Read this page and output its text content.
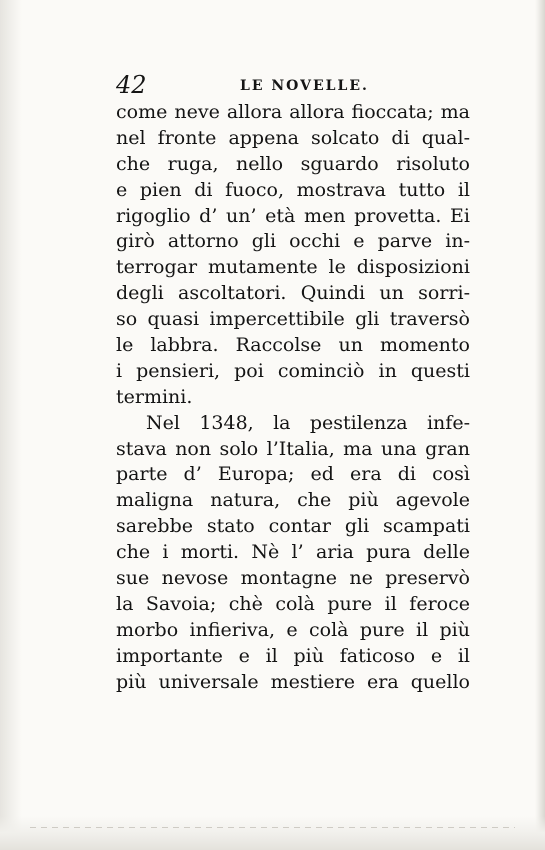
42	LE NOVELLE.
come neve allora allora fioccata; ma
nel fronte appena solcato di qual-
che ruga, nello sguardo risoluto
e pien di fuoco, mostrava tutto il
rigoglio d’ un’ età men provetta. Ei
girò attorno gli occhi e parve in-
terrogar mutamente le disposizioni
degli ascoltatori. Quindi un sorri-
so quasi impercettibile gli traversò
le labbra. Raccolse un momento
i pensieri, poi cominciò in questi
termini.
Nel 1348, la pestilenza infe-
stava non solo l’Italia, ma una gran
parte d’ Europa; ed era di così
maligna natura, che più agevole
sarebbe stato contar gli scampati
che i morti. Nè l’ aria pura delle
sue nevose montagne ne preservò
la Savoia; chè colà pure il feroce
morbo infieriva, e colà pure il più
importante e il più faticoso e il
più universale mestiere era quello
